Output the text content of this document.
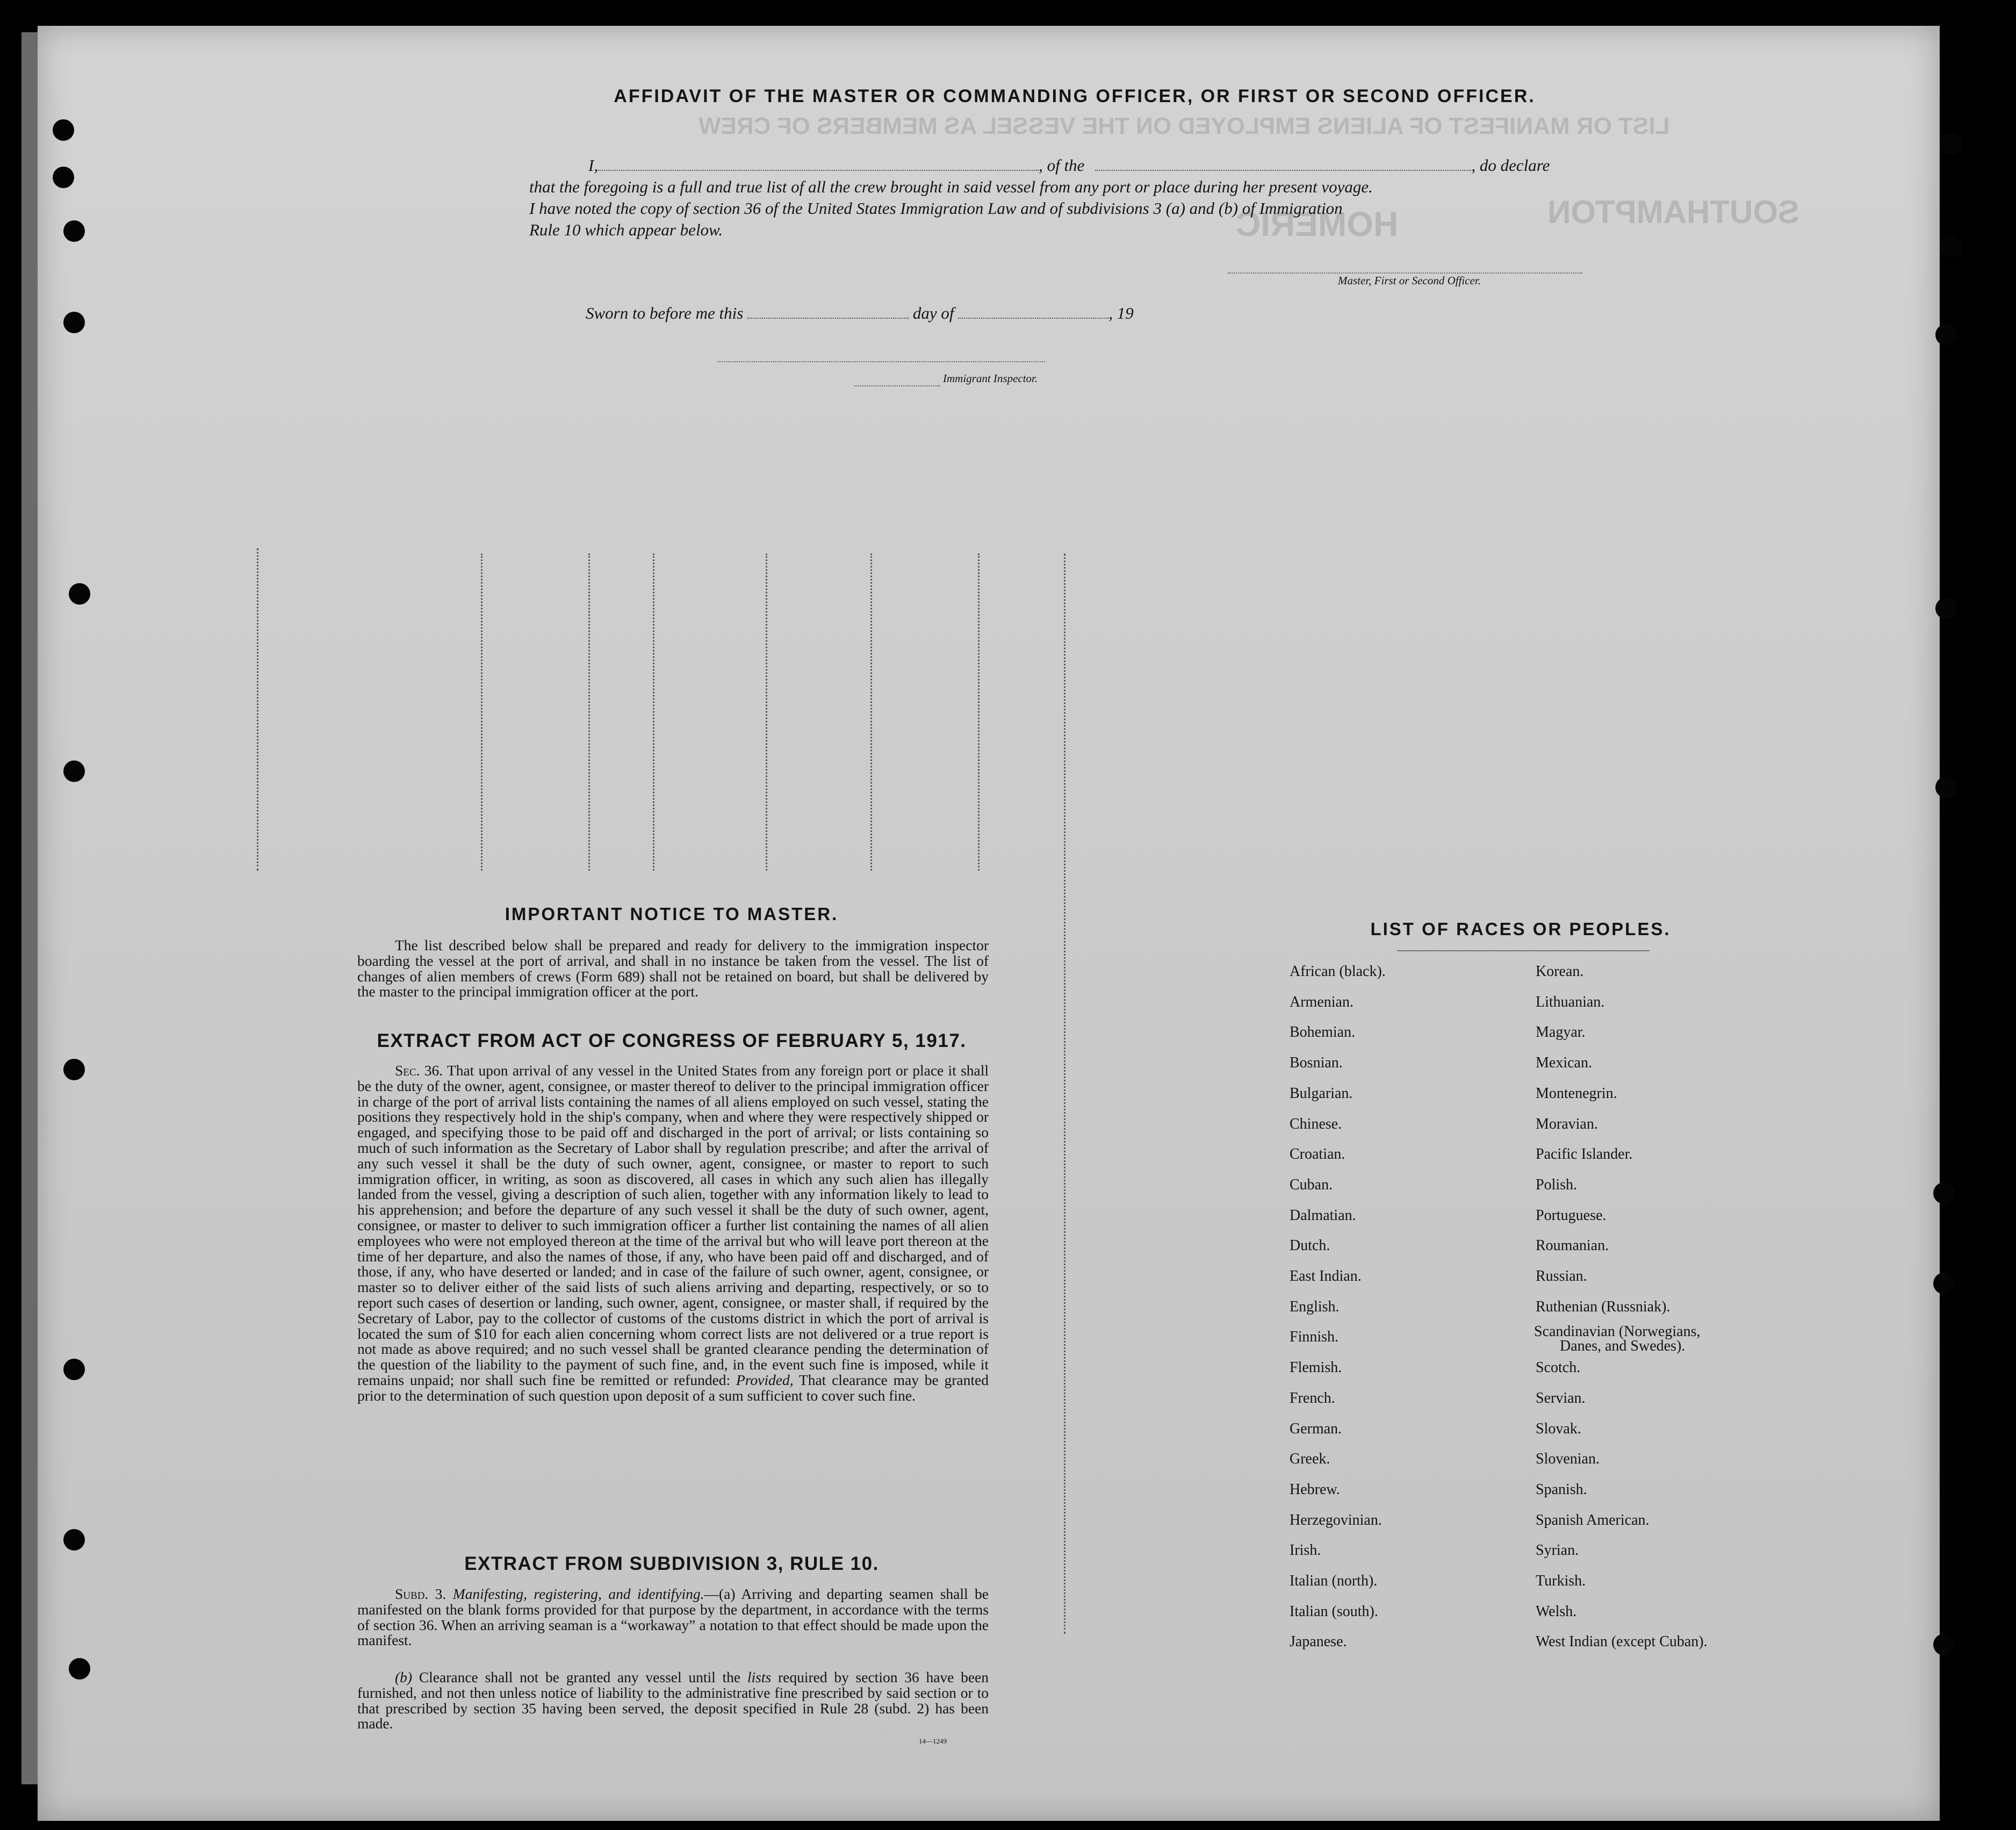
HOMERIC
LIST OR MANIFEST OF ALIENS EMPLOYED ON THE VESSEL AS MEMBERS OF CREW
SOUTHAMPTON
AFFIDAVIT OF THE MASTER OR COMMANDING OFFICER, OR FIRST OR SECOND OFFICER.
I,	, of the	, do declare
that the foregoing is a full and true list of all the crew brought in said vessel from any port or place during her present voyage.
I have noted the copy of section 36 of the United States Immigration Law and of subdivisions 3 (a) and (b) of Immigration
Rule 10 which appear below.
Master, First or Second Officer.
Sworn to before me this	day of	, 19
Immigrant Inspector.
IMPORTANT NOTICE TO MASTER.
The list described below shall be prepared and ready for delivery to the immigration inspector boarding the vessel at the port of arrival, and shall in no instance be taken from the vessel. The list of changes of alien members of crews (Form 689) shall not be retained on board, but shall be delivered by the master to the principal immigration officer at the port.
EXTRACT FROM ACT OF CONGRESS OF FEBRUARY 5, 1917.
Sec. 36. That upon arrival of any vessel in the United States from any foreign port or place it shall be the duty of the owner, agent, consignee, or master thereof to deliver to the principal immigration officer in charge of the port of arrival lists containing the names of all aliens employed on such vessel, stating the positions they respectively hold in the ship's company, when and where they were respectively shipped or engaged, and specifying those to be paid off and discharged in the port of arrival; or lists containing so much of such information as the Secretary of Labor shall by regulation prescribe; and after the arrival of any such vessel it shall be the duty of such owner, agent, consignee, or master to report to such immigration officer, in writing, as soon as discovered, all cases in which any such alien has illegally landed from the vessel, giving a description of such alien, together with any information likely to lead to his apprehension; and before the departure of any such vessel it shall be the duty of such owner, agent, consignee, or master to deliver to such immigration officer a further list containing the names of all alien employees who were not employed thereon at the time of the arrival but who will leave port thereon at the time of her departure, and also the names of those, if any, who have been paid off and discharged, and of those, if any, who have deserted or landed; and in case of the failure of such owner, agent, consignee, or master so to deliver either of the said lists of such aliens arriving and departing, respectively, or so to report such cases of desertion or landing, such owner, agent, consignee, or master shall, if required by the Secretary of Labor, pay to the collector of customs of the customs district in which the port of arrival is located the sum of $10 for each alien concerning whom correct lists are not delivered or a true report is not made as above required; and no such vessel shall be granted clearance pending the determination of the question of the liability to the payment of such fine, and, in the event such fine is imposed, while it remains unpaid; nor shall such fine be remitted or refunded: Provided, That clearance may be granted prior to the determination of such question upon deposit of a sum sufficient to cover such fine.
EXTRACT FROM SUBDIVISION 3, RULE 10.
Subd. 3. Manifesting, registering, and identifying.—(a) Arriving and departing seamen shall be manifested on the blank forms provided for that purpose by the department, in accordance with the terms of section 36. When an arriving seaman is a “workaway” a notation to that effect should be made upon the manifest.
(b) Clearance shall not be granted any vessel until the lists required by section 36 have been furnished, and not then unless notice of liability to the administrative fine prescribed by said section or to that prescribed by section 35 having been served, the deposit specified in Rule 28 (subd. 2) has been made.
14—1249
LIST OF RACES OR PEOPLES.
African (black).
Armenian.
Bohemian.
Bosnian.
Bulgarian.
Chinese.
Croatian.
Cuban.
Dalmatian.
Dutch.
East Indian.
English.
Finnish.
Flemish.
French.
German.
Greek.
Hebrew.
Herzegovinian.
Irish.
Italian (north).
Italian (south).
Japanese.
Korean.
Lithuanian.
Magyar.
Mexican.
Montenegrin.
Moravian.
Pacific Islander.
Polish.
Portuguese.
Roumanian.
Russian.
Ruthenian (Russniak).
Scandinavian (Norwegians,
Danes, and Swedes).
Scotch.
Servian.
Slovak.
Slovenian.
Spanish.
Spanish American.
Syrian.
Turkish.
Welsh.
West Indian (except Cuban).
